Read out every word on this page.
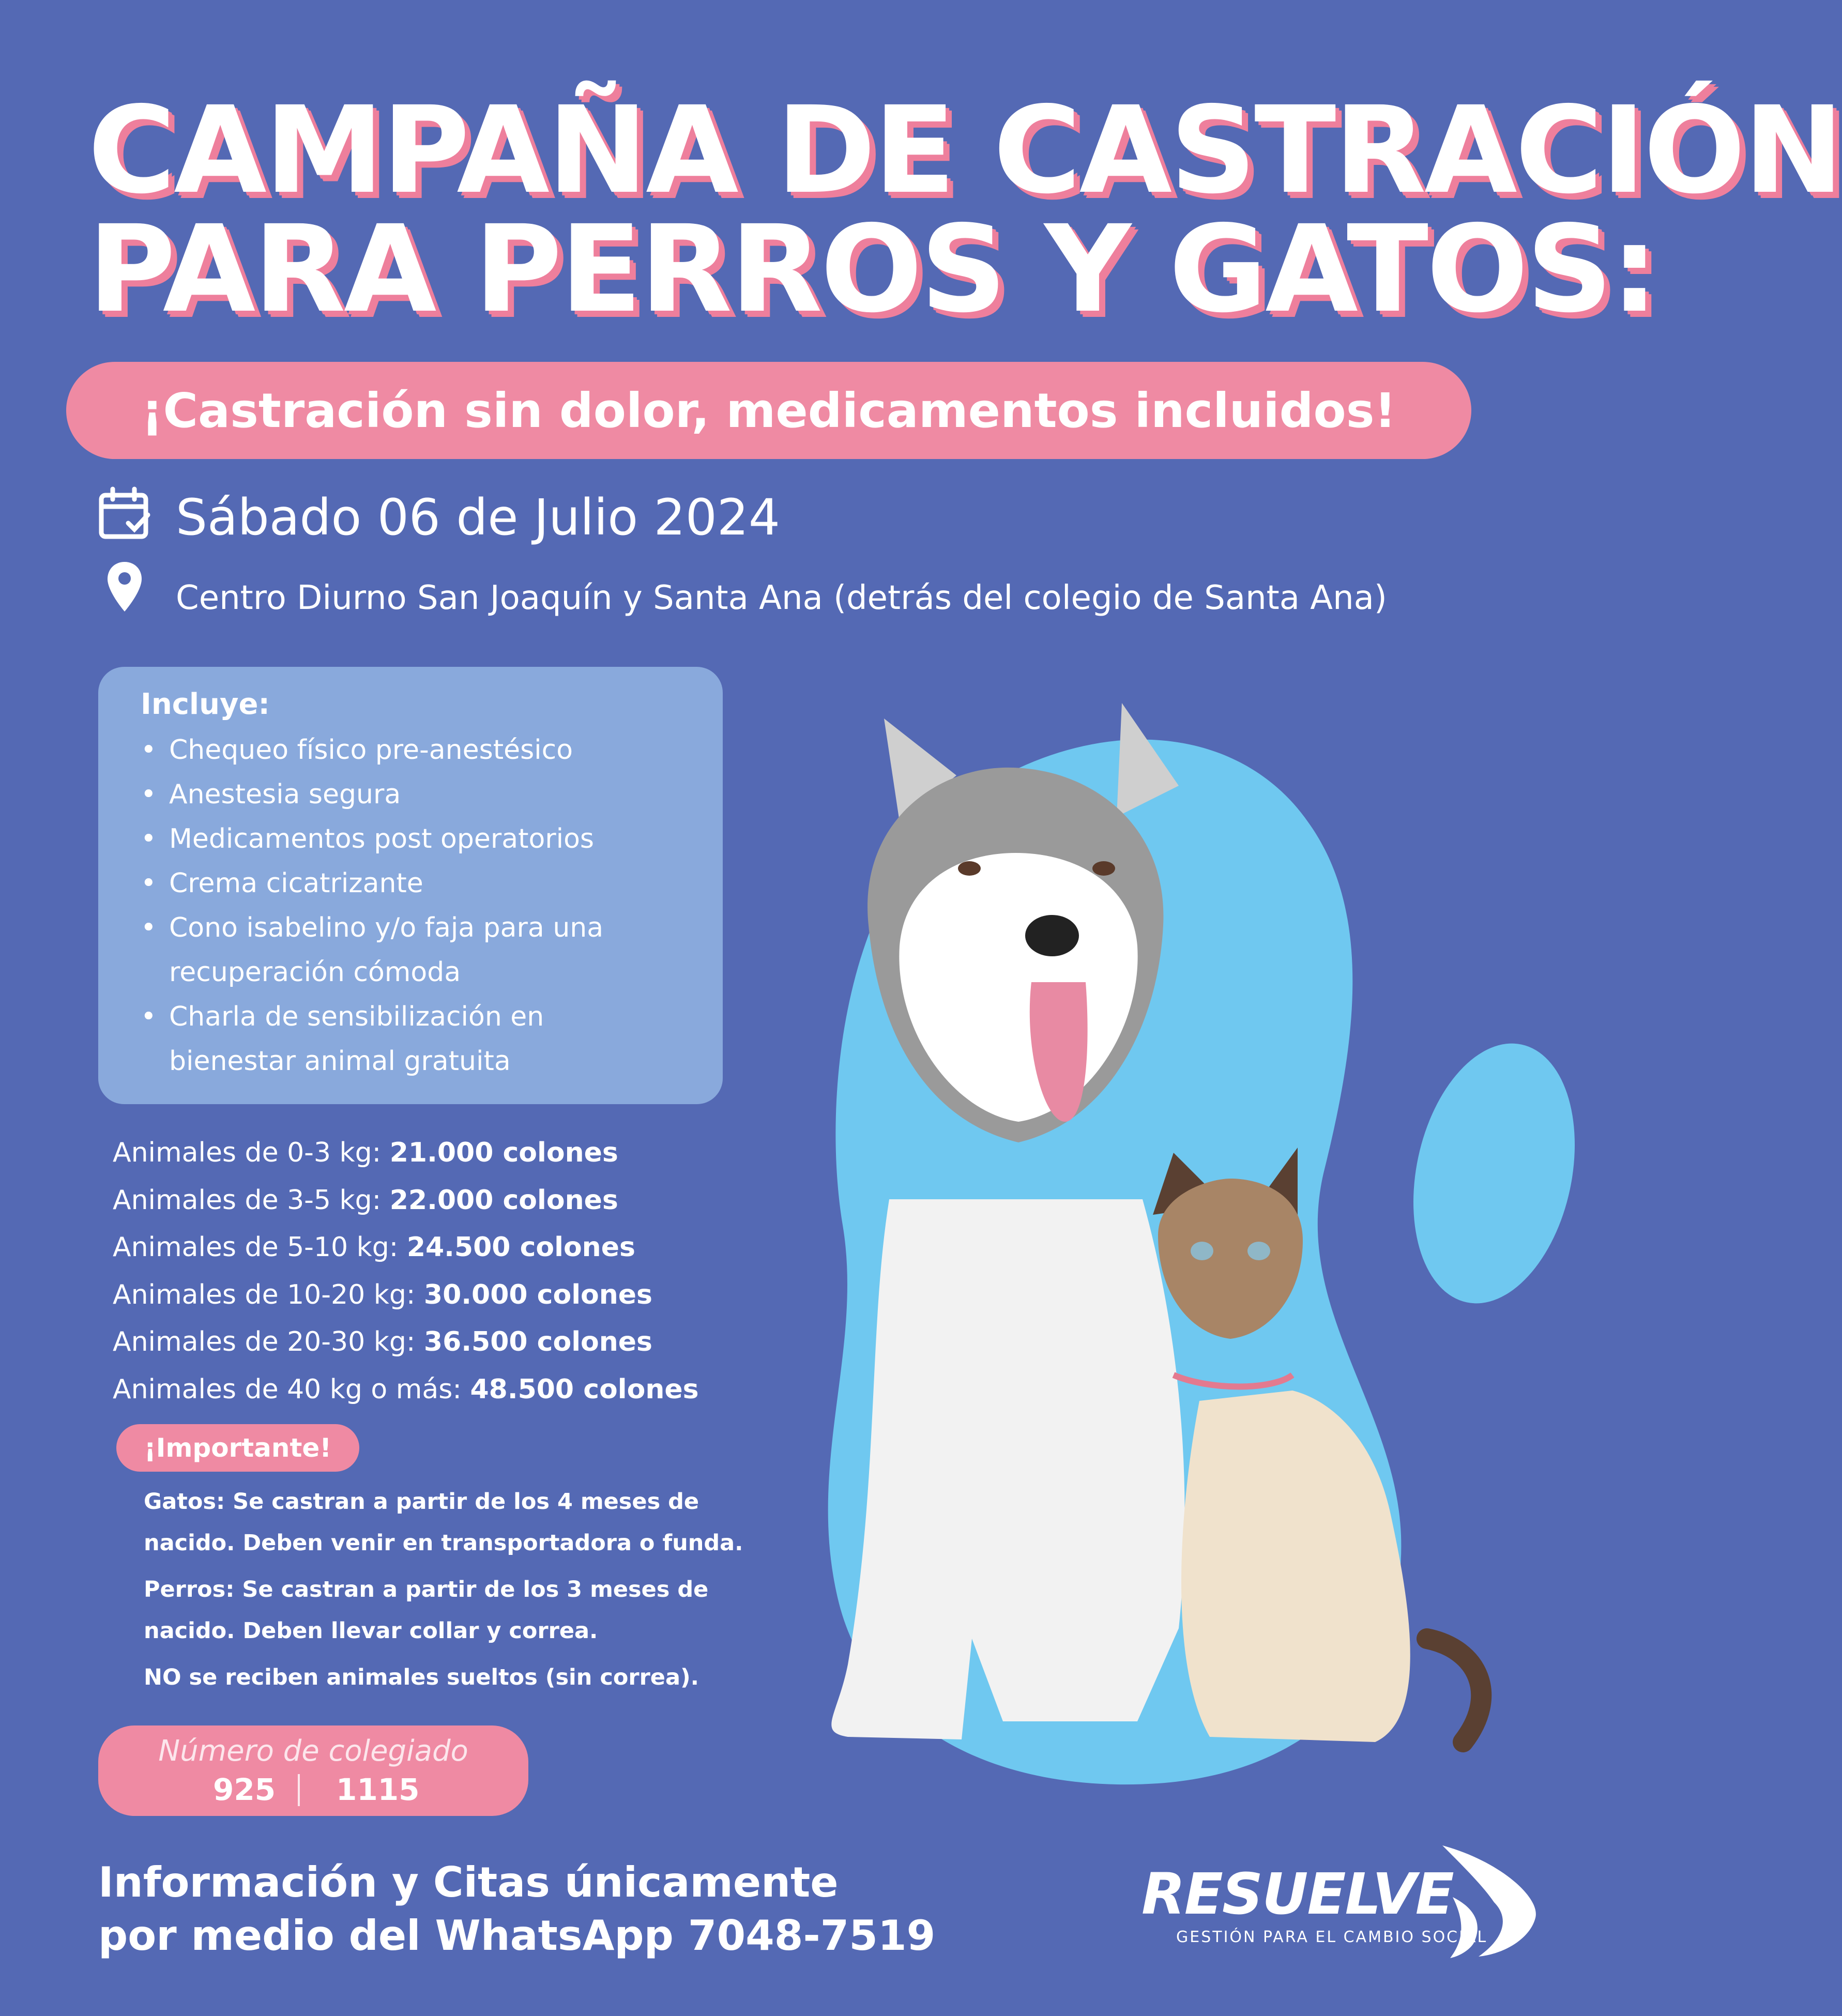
CAMPAÑA DE CASTRACIÓN
PARA PERROS Y GATOS:
¡Castración sin dolor, medicamentos incluidos!
Sábado 06 de Julio 2024
Centro Diurno San Joaquín y Santa Ana (detrás del colegio de Santa Ana)
Incluye:
• Chequeo físico pre-anestésico
• Anestesia segura
• Medicamentos post operatorios
• Crema cicatrizante
• Cono isabelino y/o faja para una recuperación cómoda
• Charla de sensibilización en bienestar animal gratuita
Animales de 0-3 kg: 21.000 colones
Animales de 3-5 kg: 22.000 colones
Animales de 5-10 kg: 24.500 colones
Animales de 10-20 kg: 30.000 colones
Animales de 20-30 kg: 36.500 colones
Animales de 40 kg o más: 48.500 colones
¡Importante!

Gatos: Se castran a partir de los 4 meses de nacido. Deben venir en transportadora o funda.

Perros: Se castran a partir de los 3 meses de nacido. Deben llevar collar y correa.

NO se reciben animales sueltos (sin correa).

Número de colegiado
925 1115
Información y Citas únicamente
por medio del WhatsApp 7048-7519
RESUELVE
GESTIÓN PARA EL CAMBIO SOCIAL
